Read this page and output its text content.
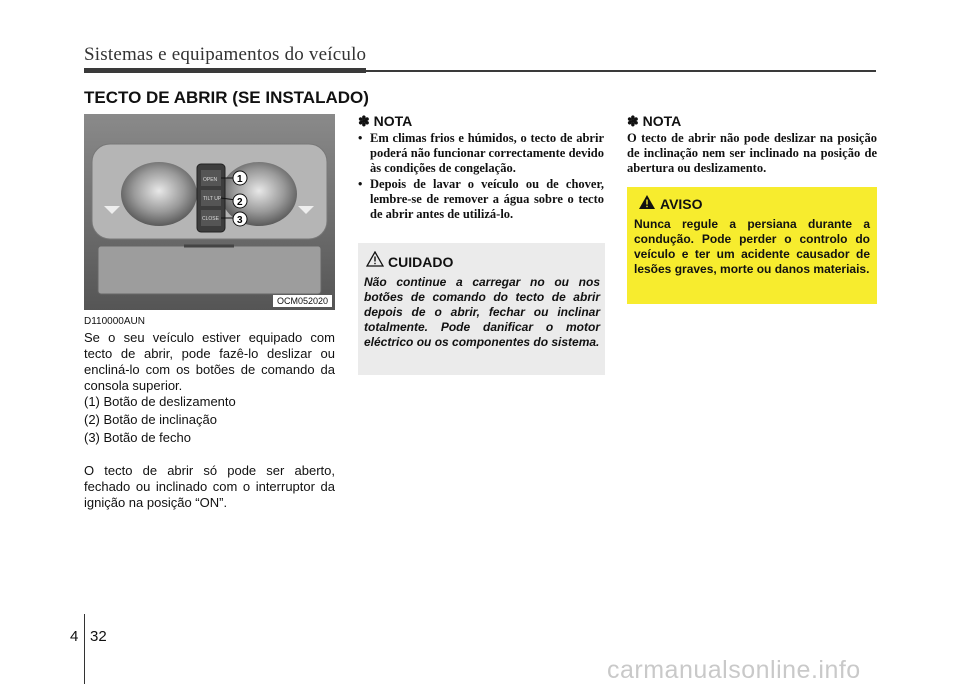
Sistemas e equipamentos do veículo
TECTO DE ABRIR (SE INSTALADO)
OPEN
TILT UP
CLOSE
1
2
3
OCM052020
D110000AUN
Se o seu veículo estiver equipado com tecto de abrir, pode fazê-lo deslizar ou encliná-lo com os botões de comando da consola superior.
(1) Botão de deslizamento
(2) Botão de inclinação
(3) Botão de fecho
O tecto de abrir só pode ser aberto, fechado ou inclinado com o interruptor da ignição na posição “ON”.
✽ NOTA
• Em climas frios e húmidos, o tecto de abrir poderá não funcionar correctamente devido às condições de congelação.
• Depois de lavar o veículo ou de chover, lembre-se de remover a água sobre o tecto de abrir antes de utilizá-lo.
CUIDADO
Não continue a carregar no ou nos botões de comando do tecto de abrir depois de o abrir, fechar ou inclinar totalmente. Pode danificar o motor eléctrico ou os componentes do sistema.
✽ NOTA
O tecto de abrir não pode deslizar na posição de inclinação nem ser inclinado na posição de abertura ou deslizamento.
AVISO
Nunca regule a persiana durante a condução. Pode perder o controlo do veículo e ter um acidente causador de lesões graves, morte ou danos materiais.
4 32
carmanualsonline.info
